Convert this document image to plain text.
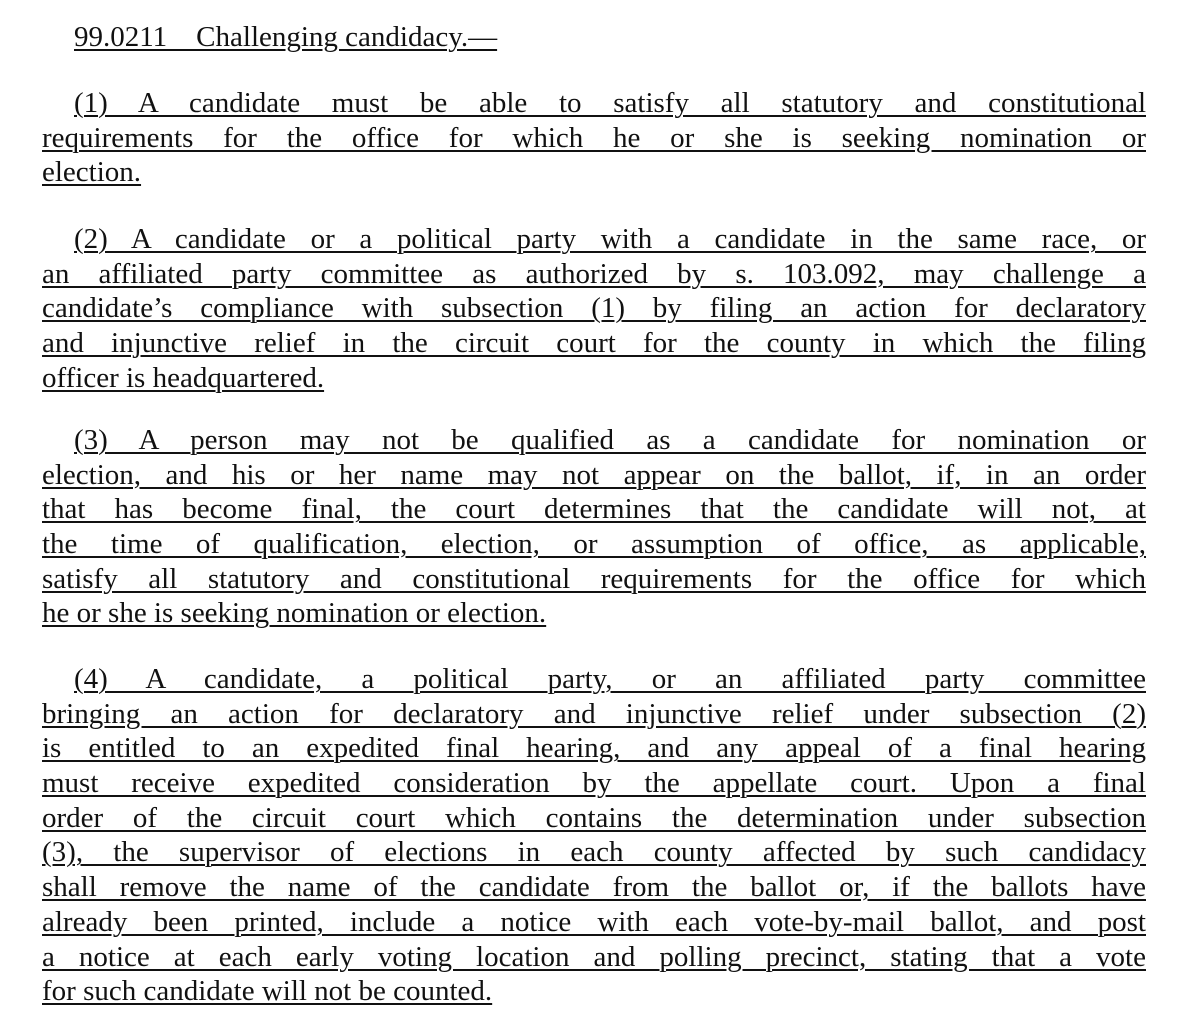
99.0211    Challenging candidacy.—
(1) A candidate must be able to satisfy all statutory and constitutional
requirements for the office for which he or she is seeking nomination or
election.
(2) A candidate or a political party with a candidate in the same race, or
an affiliated party committee as authorized by s. 103.092, may challenge a
candidate’s compliance with subsection (1) by filing an action for declaratory
and injunctive relief in the circuit court for the county in which the filing
officer is headquartered.
(3) A person may not be qualified as a candidate for nomination or
election, and his or her name may not appear on the ballot, if, in an order
that has become final, the court determines that the candidate will not, at
the time of qualification, election, or assumption of office, as applicable,
satisfy all statutory and constitutional requirements for the office for which
he or she is seeking nomination or election.
(4) A candidate, a political party, or an affiliated party committee
bringing an action for declaratory and injunctive relief under subsection (2)
is entitled to an expedited final hearing, and any appeal of a final hearing
must receive expedited consideration by the appellate court. Upon a final
order of the circuit court which contains the determination under subsection
(3), the supervisor of elections in each county affected by such candidacy
shall remove the name of the candidate from the ballot or, if the ballots have
already been printed, include a notice with each vote-by-mail ballot, and post
a notice at each early voting location and polling precinct, stating that a vote
for such candidate will not be counted.
